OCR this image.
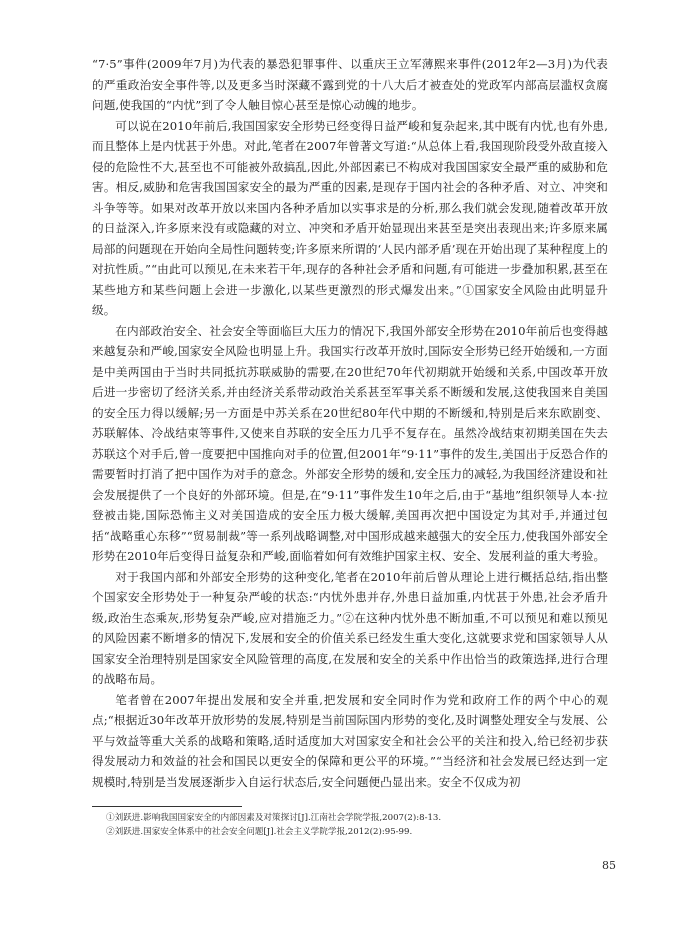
“7·5”事件(2009年7月)为代表的暴恐犯罪事件、以重庆王立军薄熙来事件(2012年2—3月)为代表的严重政治安全事件等,以及更多当时深藏不露到党的十八大后才被查处的党政军内部高层滥权贪腐问题,使我国的“内忧”到了令人触目惊心甚至是惊心动魄的地步。

可以说在2010年前后,我国国家安全形势已经变得日益严峻和复杂起来,其中既有内忧,也有外患,而且整体上是内忧甚于外患。对此,笔者在2007年曾著文写道:“从总体上看,我国现阶段受外敌直接入侵的危险性不大,甚至也不可能被外敌搞乱,因此,外部因素已不构成对我国国家安全最严重的威胁和危害。相反,威胁和危害我国国家安全的最为严重的因素,是现存于国内社会的各种矛盾、对立、冲突和斗争等等。如果对改革开放以来国内各种矛盾加以实事求是的分析,那么我们就会发现,随着改革开放的日益深入,许多原来没有或隐藏的对立、冲突和矛盾开始显现出来甚至是突出表现出来;许多原来属局部的问题现在开始向全局性问题转变;许多原来所谓的‘人民内部矛盾’现在开始出现了某种程度上的对抗性质。”“由此可以预见,在未来若干年,现存的各种社会矛盾和问题,有可能进一步叠加积累,甚至在某些地方和某些问题上会进一步激化,以某些更激烈的形式爆发出来。”①国家安全风险由此明显升级。

在内部政治安全、社会安全等面临巨大压力的情况下,我国外部安全形势在2010年前后也变得越来越复杂和严峻,国家安全风险也明显上升。我国实行改革开放时,国际安全形势已经开始缓和,一方面是中美两国由于当时共同抵抗苏联威胁的需要,在20世纪70年代初期就开始缓和关系,中国改革开放后进一步密切了经济关系,并由经济关系带动政治关系甚至军事关系不断缓和发展,这使我国来自美国的安全压力得以缓解;另一方面是中苏关系在20世纪80年代中期的不断缓和,特别是后来东欧剧变、苏联解体、冷战结束等事件,又使来自苏联的安全压力几乎不复存在。虽然冷战结束初期美国在失去苏联这个对手后,曾一度要把中国推向对手的位置,但2001年“9·11”事件的发生,美国出于反恐合作的需要暂时打消了把中国作为对手的意念。外部安全形势的缓和,安全压力的减轻,为我国经济建设和社会发展提供了一个良好的外部环境。但是,在“9·11”事件发生10年之后,由于“基地”组织领导人本·拉登被击毙,国际恐怖主义对美国造成的安全压力极大缓解,美国再次把中国设定为其对手,并通过包括“战略重心东移”“贸易制裁”等一系列战略调整,对中国形成越来越强大的安全压力,使我国外部安全形势在2010年后变得日益复杂和严峻,面临着如何有效维护国家主权、安全、发展利益的重大考验。

对于我国内部和外部安全形势的这种变化,笔者在2010年前后曾从理论上进行概括总结,指出整个国家安全形势处于一种复杂严峻的状态:“内忧外患并存,外患日益加重,内忧甚于外患,社会矛盾升级,政治生态乘灰,形势复杂严峻,应对措施乏力。”②在这种内忧外患不断加重,不可以预见和难以预见的风险因素不断增多的情况下,发展和安全的价值关系已经发生重大变化,这就要求党和国家领导人从国家安全治理特别是国家安全风险管理的高度,在发展和安全的关系中作出恰当的政策选择,进行合理的战略布局。

笔者曾在2007年提出发展和安全并重,把发展和安全同时作为党和政府工作的两个中心的观点;“根据近30年改革开放形势的发展,特别是当前国际国内形势的变化,及时调整处理安全与发展、公平与效益等重大关系的战略和策略,适时适度加大对国家安全和社会公平的关注和投入,给已经初步获得发展动力和效益的社会和国民以更安全的保障和更公平的环境。”“当经济和社会发展已经达到一定规模时,特别是当发展逐渐步入自运行状态后,安全问题便凸显出来。安全不仅成为初

①刘跃进.影响我国国家安全的内部因素及对策探讨[J].江南社会学院学报,2007(2):8-13.

②刘跃进.国家安全体系中的社会安全问题[J].社会主义学院学报,2012(2):95-99.

85
